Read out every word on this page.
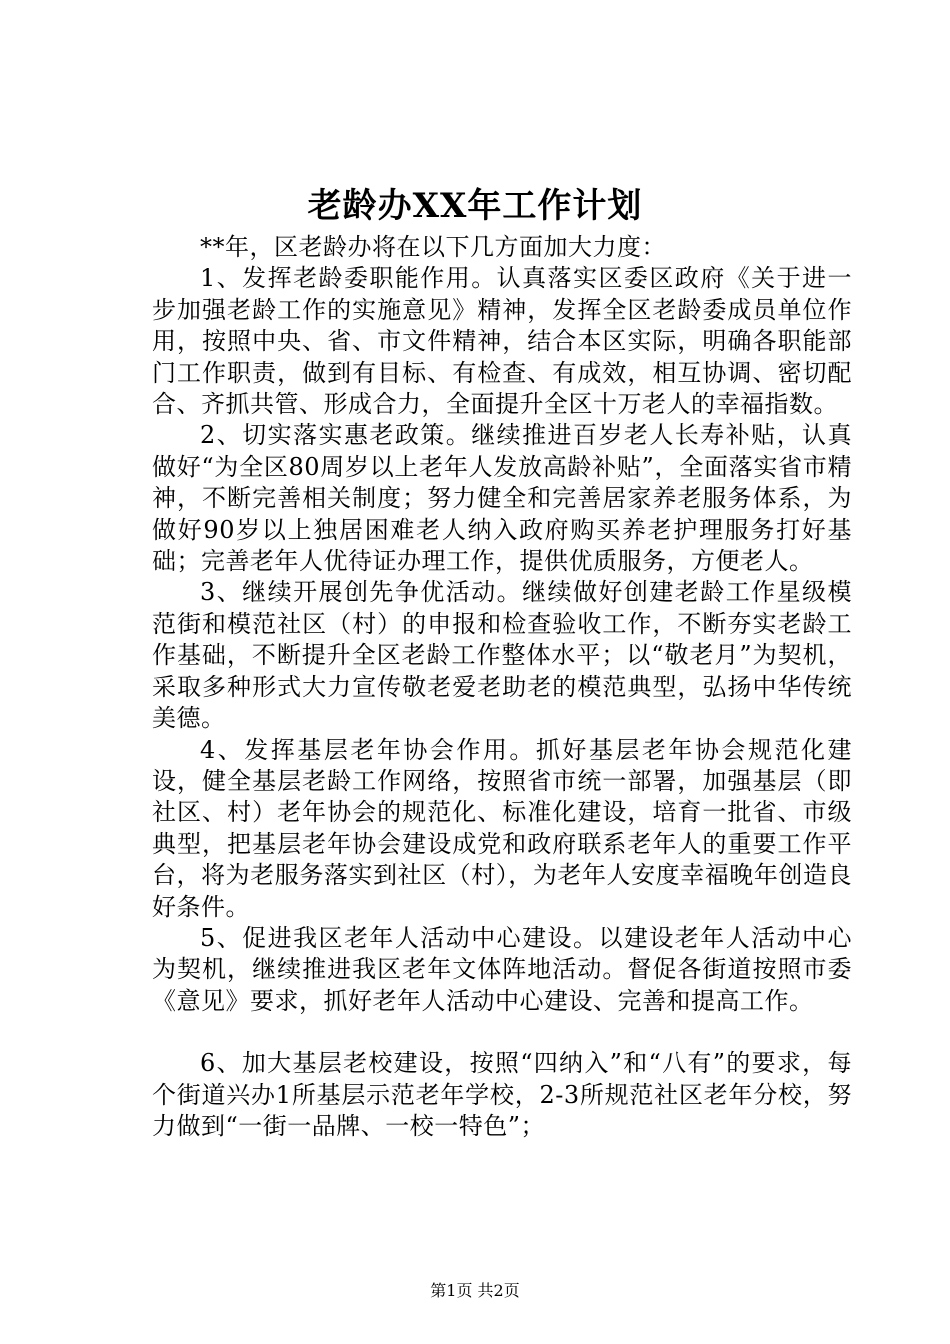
老龄办XX年工作计划

**年，区老龄办将在以下几方面加大力度：

1、发挥老龄委职能作用。认真落实区委区政府《关于进一步加强老龄工作的实施意见》精神，发挥全区老龄委成员单位作用，按照中央、省、市文件精神，结合本区实际，明确各职能部门工作职责，做到有目标、有检查、有成效，相互协调、密切配合、齐抓共管、形成合力，全面提升全区十万老人的幸福指数。

2、切实落实惠老政策。继续推进百岁老人长寿补贴，认真做好“为全区80周岁以上老年人发放高龄补贴”，全面落实省市精神，不断完善相关制度；努力健全和完善居家养老服务体系，为做好90岁以上独居困难老人纳入政府购买养老护理服务打好基础；完善老年人优待证办理工作，提供优质服务，方便老人。

3、继续开展创先争优活动。继续做好创建老龄工作星级模范街和模范社区（村）的申报和检查验收工作，不断夯实老龄工作基础，不断提升全区老龄工作整体水平；以“敬老月”为契机，采取多种形式大力宣传敬老爱老助老的模范典型，弘扬中华传统美德。

4、发挥基层老年协会作用。抓好基层老年协会规范化建设，健全基层老龄工作网络，按照省市统一部署，加强基层（即社区、村）老年协会的规范化、标准化建设，培育一批省、市级典型，把基层老年协会建设成党和政府联系老年人的重要工作平台，将为老服务落实到社区（村），为老年人安度幸福晚年创造良好条件。

5、促进我区老年人活动中心建设。以建设老年人活动中心为契机，继续推进我区老年文体阵地活动。督促各街道按照市委《意见》要求，抓好老年人活动中心建设、完善和提高工作。

6、加大基层老校建设，按照“四纳入”和“八有”的要求，每个街道兴办1所基层示范老年学校，2-3所规范社区老年分校，努力做到“一街一品牌、一校一特色”；

第1页 共2页
